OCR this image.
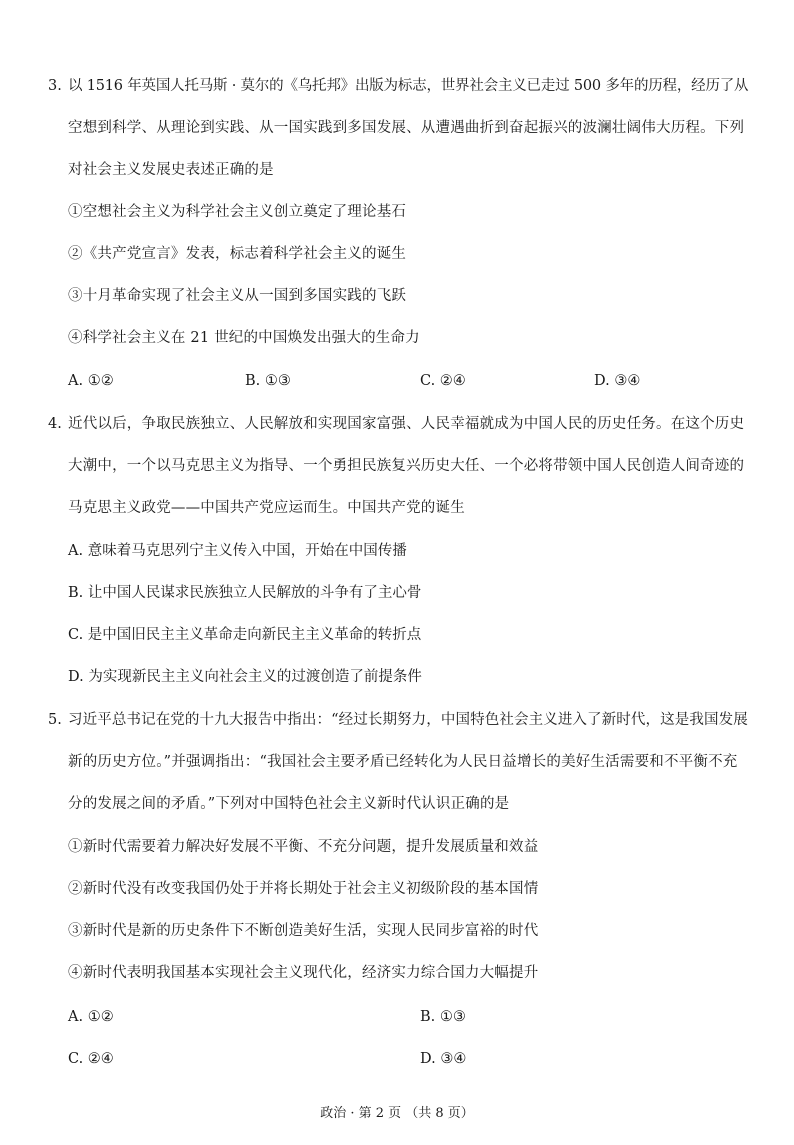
3. 以 1516 年英国人托马斯 · 莫尔的《乌托邦》出版为标志，世界社会主义已走过 500 多年的历程，经历了从
空想到科学、从理论到实践、从一国实践到多国发展、从遭遇曲折到奋起振兴的波澜壮阔伟大历程。下列
对社会主义发展史表述正确的是
①空想社会主义为科学社会主义创立奠定了理论基石
②《共产党宣言》发表，标志着科学社会主义的诞生
③十月革命实现了社会主义从一国到多国实践的飞跃
④科学社会主义在 21 世纪的中国焕发出强大的生命力
A. ①②	B. ①③	C. ②④	D. ③④
4. 近代以后，争取民族独立、人民解放和实现国家富强、人民幸福就成为中国人民的历史任务。在这个历史
大潮中，一个以马克思主义为指导、一个勇担民族复兴历史大任、一个必将带领中国人民创造人间奇迹的
马克思主义政党——中国共产党应运而生。中国共产党的诞生
A. 意味着马克思列宁主义传入中国，开始在中国传播
B. 让中国人民谋求民族独立人民解放的斗争有了主心骨
C. 是中国旧民主主义革命走向新民主主义革命的转折点
D. 为实现新民主主义向社会主义的过渡创造了前提条件
5. 习近平总书记在党的十九大报告中指出：“经过长期努力，中国特色社会主义进入了新时代，这是我国发展
新的历史方位。”并强调指出：“我国社会主要矛盾已经转化为人民日益增长的美好生活需要和不平衡不充
分的发展之间的矛盾。”下列对中国特色社会主义新时代认识正确的是
①新时代需要着力解决好发展不平衡、不充分问题，提升发展质量和效益
②新时代没有改变我国仍处于并将长期处于社会主义初级阶段的基本国情
③新时代是新的历史条件下不断创造美好生活，实现人民同步富裕的时代
④新时代表明我国基本实现社会主义现代化，经济实力综合国力大幅提升
A. ①②	B. ①③
C. ②④	D. ③④
政治 · 第 2 页 （共 8 页）
